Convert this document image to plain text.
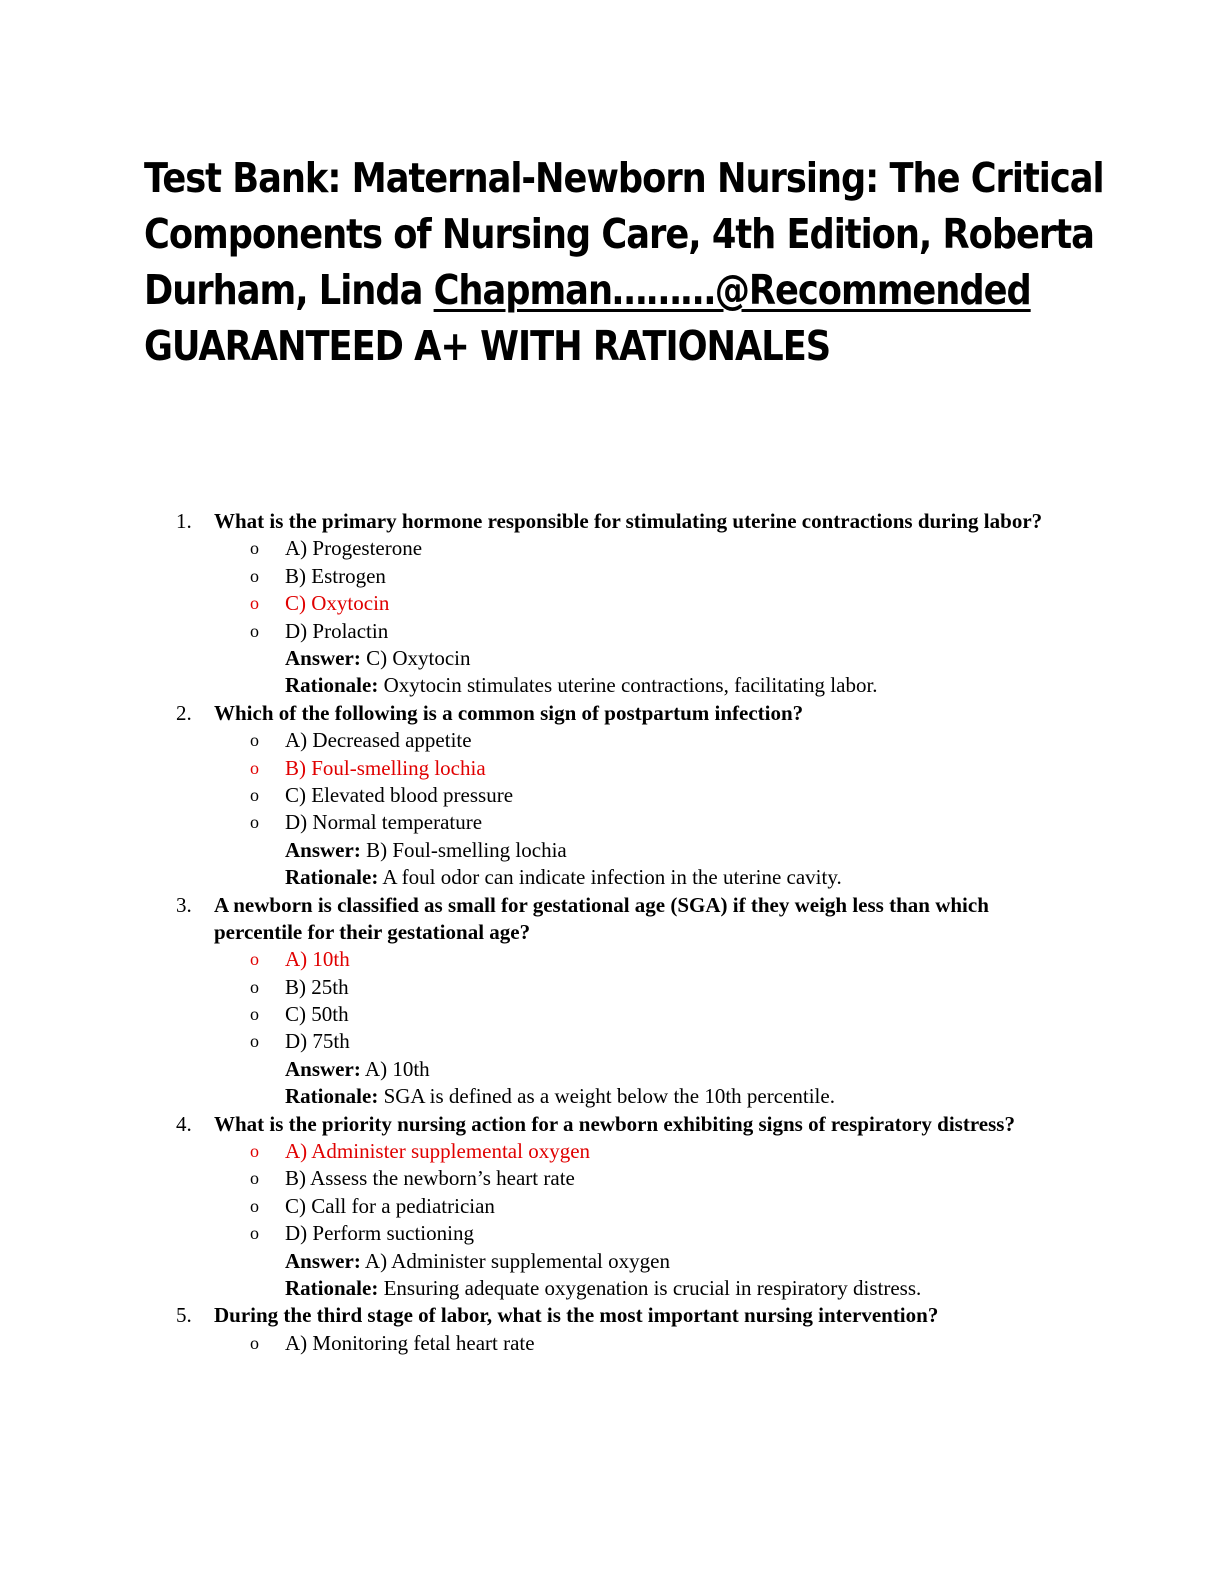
Test Bank: Maternal-Newborn Nursing: The Critical
Components of Nursing Care, 4th Edition, Roberta
Durham, Linda Chapman………@Recommended
GUARANTEED A+ WITH RATIONALES
1.	What is the primary hormone responsible for stimulating uterine contractions during labor?
o A) Progesterone
o B) Estrogen
o C) Oxytocin
o D) Prolactin
Answer: C) Oxytocin
Rationale: Oxytocin stimulates uterine contractions, facilitating labor.
2.	Which of the following is a common sign of postpartum infection?
o A) Decreased appetite
o B) Foul-smelling lochia
o C) Elevated blood pressure
o D) Normal temperature
Answer: B) Foul-smelling lochia
Rationale: A foul odor can indicate infection in the uterine cavity.
3.	A newborn is classified as small for gestational age (SGA) if they weigh less than which percentile for their gestational age?
o A) 10th
o B) 25th
o C) 50th
o D) 75th
Answer: A) 10th
Rationale: SGA is defined as a weight below the 10th percentile.
4.	What is the priority nursing action for a newborn exhibiting signs of respiratory distress?
o A) Administer supplemental oxygen
o B) Assess the newborn’s heart rate
o C) Call for a pediatrician
o D) Perform suctioning
Answer: A) Administer supplemental oxygen
Rationale: Ensuring adequate oxygenation is crucial in respiratory distress.
5.	During the third stage of labor, what is the most important nursing intervention?
o A) Monitoring fetal heart rate
